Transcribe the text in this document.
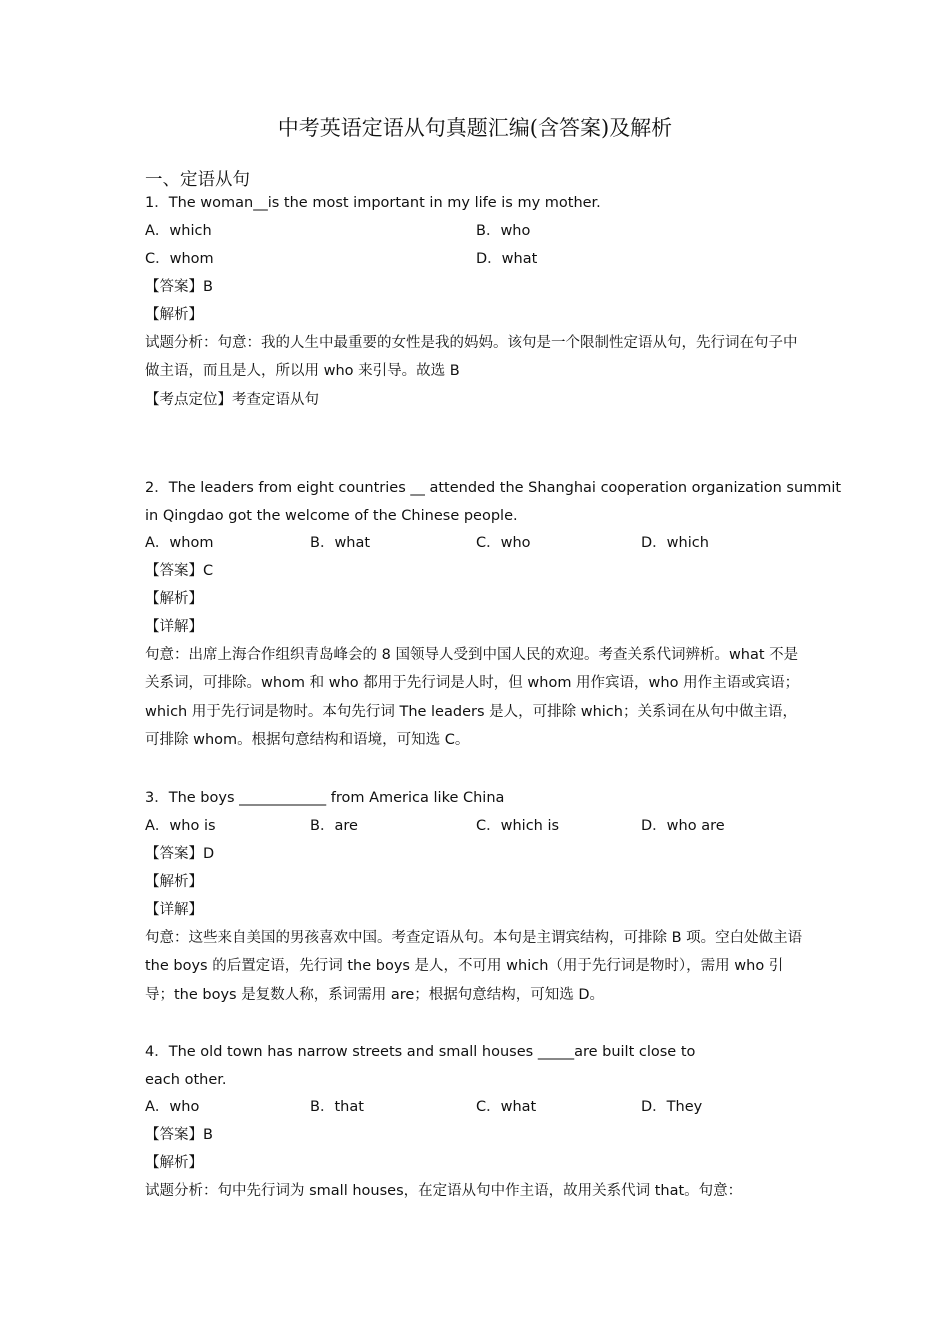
中考英语定语从句真题汇编(含答案)及解析
一、定语从句
1．The woman__is the most important in my life is my mother.
A．which	B．who
C．whom	D．what
【答案】B
【解析】
试题分析：句意：我的人生中最重要的女性是我的妈妈。该句是一个限制性定语从句，先行词在句子中做主语，而且是人，所以用 who 来引导。故选 B
【考点定位】考查定语从句
2．The leaders from eight countries __ attended the Shanghai cooperation organization summit
in Qingdao got the welcome of the Chinese people.
A．whom	B．what	C．who	D．which
【答案】C
【解析】
【详解】
句意：出席上海合作组织青岛峰会的 8 国领导人受到中国人民的欢迎。考查关系代词辨析。what 不是关系词，可排除。whom 和 who 都用于先行词是人时，但 whom 用作宾语，who 用作主语或宾语；which 用于先行词是物时。本句先行词 The leaders 是人，可排除 which；关系词在从句中做主语，可排除 whom。根据句意结构和语境，可知选 C。
3．The boys ____________ from America like China
A．who is	B．are	C．which is	D．who are
【答案】D
【解析】
【详解】
句意：这些来自美国的男孩喜欢中国。考查定语从句。本句是主谓宾结构，可排除 B 项。空白处做主语 the boys 的后置定语，先行词 the boys 是人，不可用 which（用于先行词是物时），需用 who 引导；the boys 是复数人称，系词需用 are；根据句意结构，可知选 D。
4．The old town has narrow streets and small houses _____are built close to
each other.
A．who	B．that	C．what	D．They
【答案】B
【解析】
试题分析：句中先行词为 small houses，在定语从句中作主语，故用关系代词 that。句意：
